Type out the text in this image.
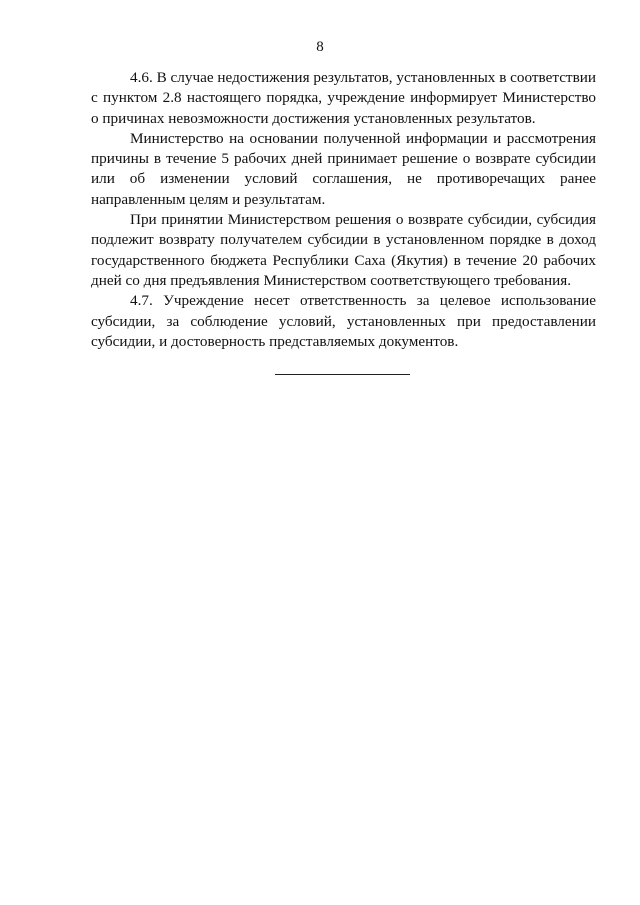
8

4.6. В случае недостижения результатов, установленных в соответствии с пунктом 2.8 настоящего порядка, учреждение информирует Министерство о причинах невозможности достижения установленных результатов.

Министерство на основании полученной информации и рассмотрения причины в течение 5 рабочих дней принимает решение о возврате субсидии или об изменении условий соглашения, не противоречащих ранее направленным целям и результатам.

При принятии Министерством решения о возврате субсидии, субсидия подлежит возврату получателем субсидии в установленном порядке в доход государственного бюджета Республики Саха (Якутия) в течение 20 рабочих дней со дня предъявления Министерством соответствующего требования.

4.7. Учреждение несет ответственность за целевое использование субсидии, за соблюдение условий, установленных при предоставлении субсидии, и достоверность представляемых документов.
